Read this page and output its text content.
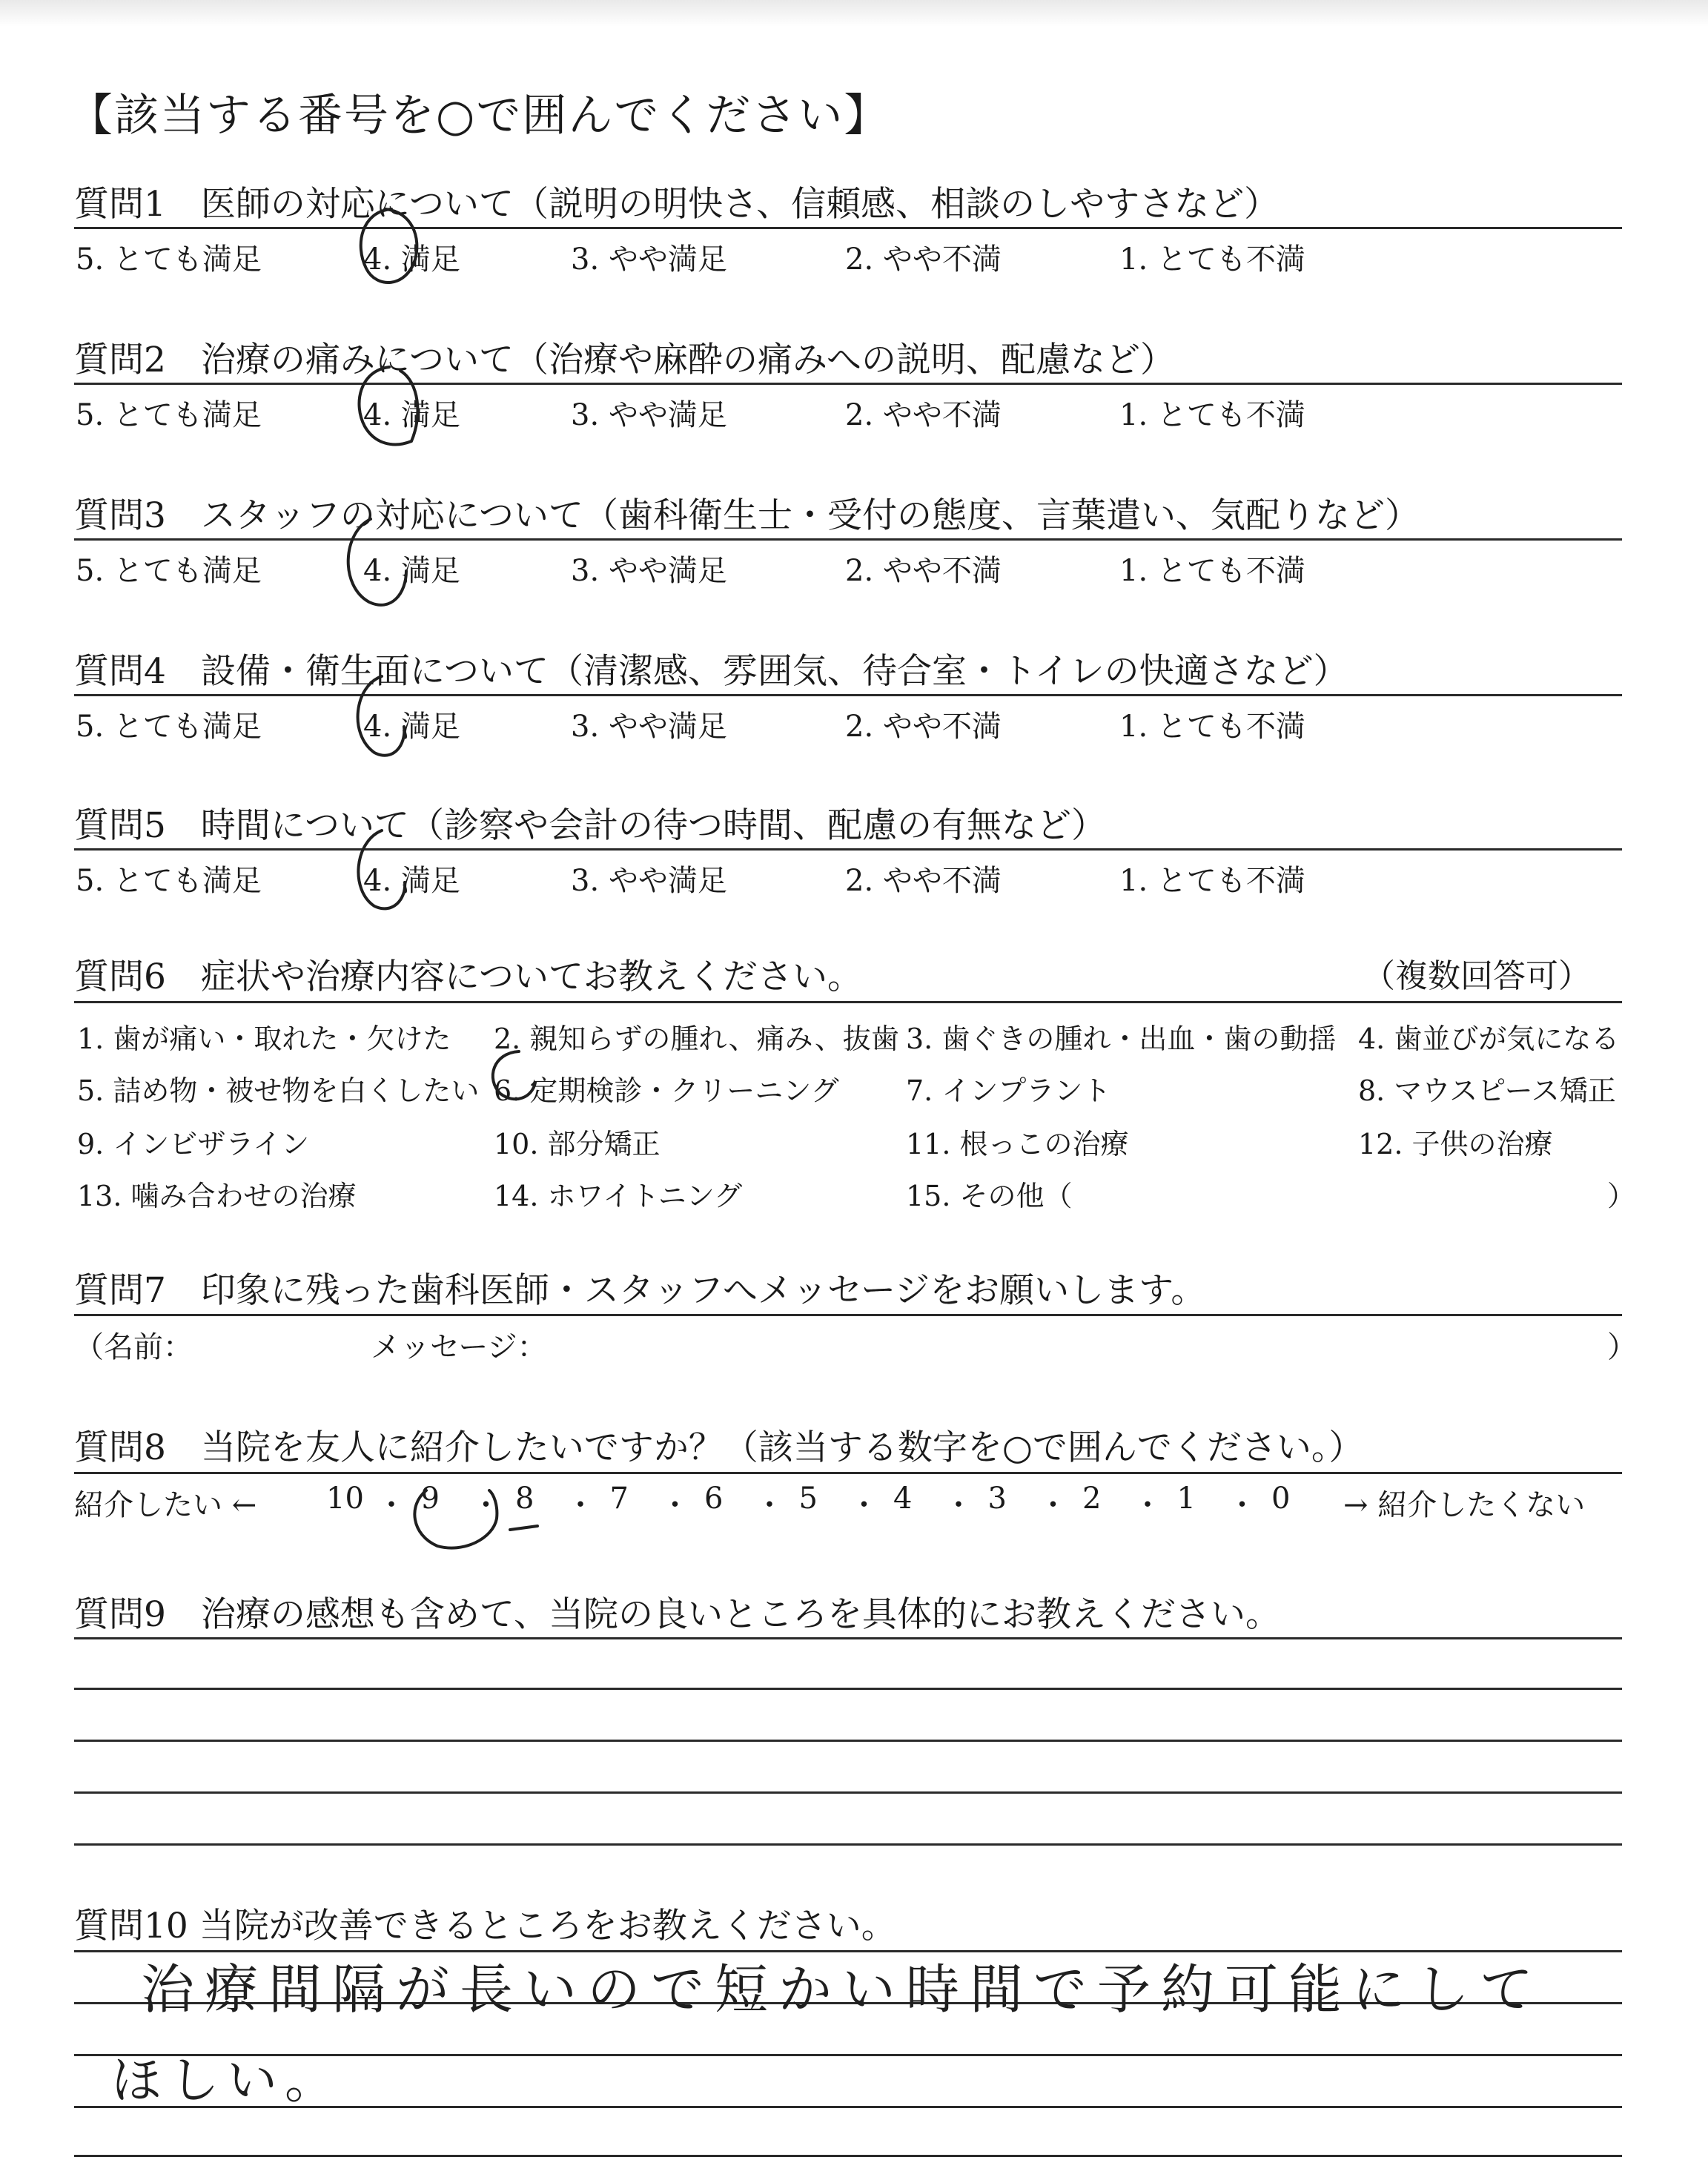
【該当する番号を○で囲んでください】
質問1　医師の対応について（説明の明快さ、信頼感、相談のしやすさなど）
5. とても満足	4. 満足	3. やや満足	2. やや不満	1. とても不満
質問2　治療の痛みについて（治療や麻酔の痛みへの説明、配慮など）
5. とても満足	4. 満足	3. やや満足	2. やや不満	1. とても不満
質問3　スタッフの対応について（歯科衛生士・受付の態度、言葉遣い、気配りなど）
5. とても満足	4. 満足	3. やや満足	2. やや不満	1. とても不満
質問4　設備・衛生面について（清潔感、雰囲気、待合室・トイレの快適さなど）
5. とても満足	4. 満足	3. やや満足	2. やや不満	1. とても不満
質問5　時間について（診察や会計の待つ時間、配慮の有無など）
5. とても満足	4. 満足	3. やや満足	2. やや不満	1. とても不満
質問6　症状や治療内容についてお教えください。	（複数回答可）
1. 歯が痛い・取れた・欠けた 2. 親知らずの腫れ、痛み、抜歯 3. 歯ぐきの腫れ・出血・歯の動揺 4. 歯並びが気になる
5. 詰め物・被せ物を白くしたい 6. 定期検診・クリーニング 7. インプラント	8. マウスピース矯正
9. インビザライン	10. 部分矯正	11. 根っこの治療	12. 子供の治療
13. 噛み合わせの治療	14. ホワイトニング	15. その他（	）
質問7　印象に残った歯科医師・スタッフへメッセージをお願いします。
（名前：	メッセージ：	）
質問8　当院を友人に紹介したいですか？（該当する数字を○で囲んでください。）
紹介したい ←	→ 紹介したくない
10 ・ 9 ・ 8 ・ 7 ・ 6 ・ 5 ・ 4 ・ 3 ・ 2 ・ 1 ・ 0
質問9　治療の感想も含めて、当院の良いところを具体的にお教えください。
質問10 当院が改善できるところをお教えください。
治療間隔が長いので短かい時間で予約可能にして
ほしい。
